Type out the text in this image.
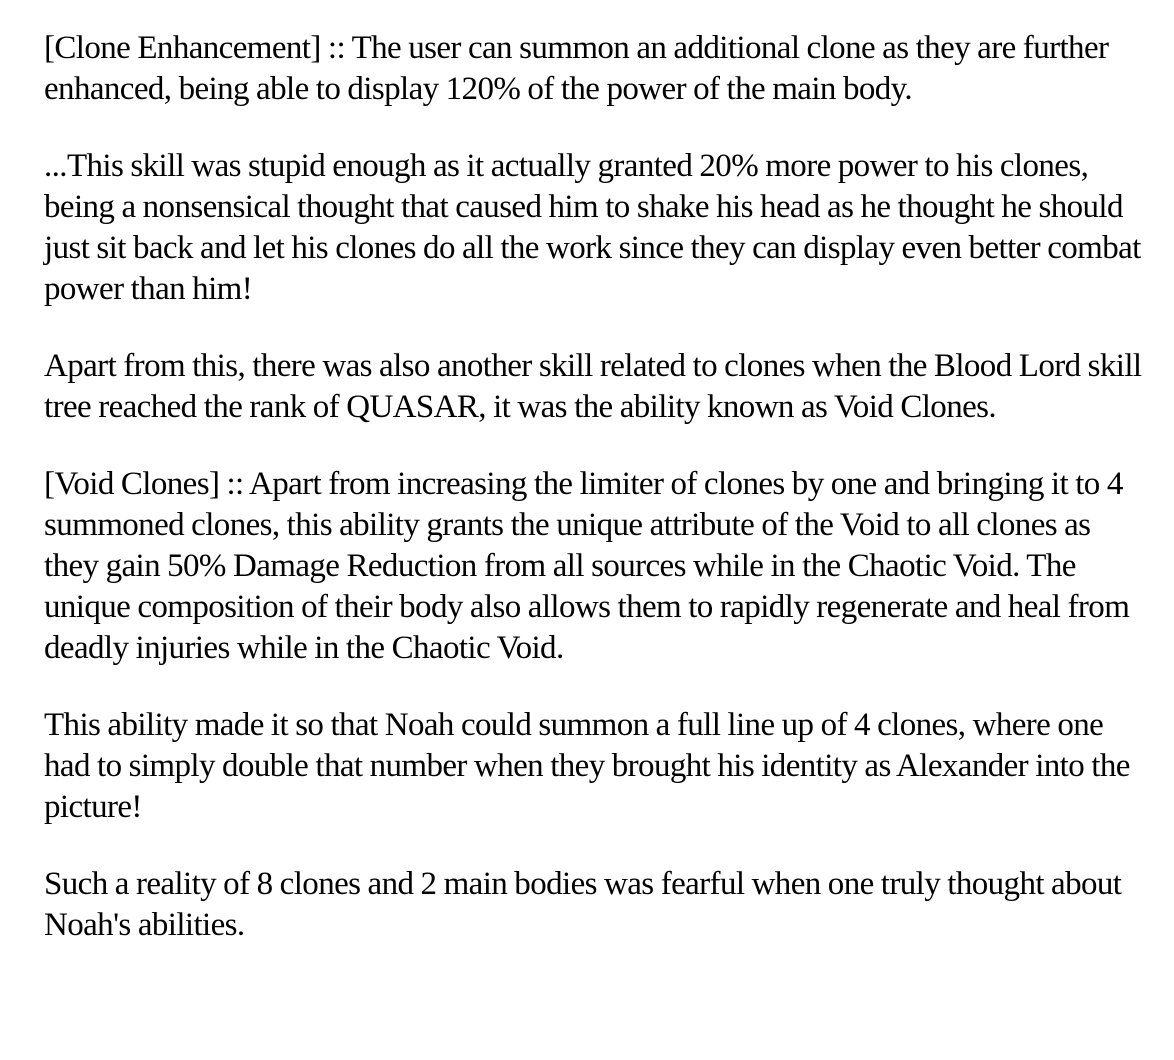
[Clone Enhancement] :: The user can summon an additional clone as they are further enhanced, being able to display 120% of the power of the main body.

...This skill was stupid enough as it actually granted 20% more power to his clones, being a nonsensical thought that caused him to shake his head as he thought he should just sit back and let his clones do all the work since they can display even better combat power than him!

Apart from this, there was also another skill related to clones when the Blood Lord skill tree reached the rank of QUASAR, it was the ability known as Void Clones.

[Void Clones] :: Apart from increasing the limiter of clones by one and bringing it to 4 summoned clones, this ability grants the unique attribute of the Void to all clones as they gain 50% Damage Reduction from all sources while in the Chaotic Void. The unique composition of their body also allows them to rapidly regenerate and heal from deadly injuries while in the Chaotic Void.

This ability made it so that Noah could summon a full line up of 4 clones, where one had to simply double that number when they brought his identity as Alexander into the picture!

Such a reality of 8 clones and 2 main bodies was fearful when one truly thought about Noah's abilities.
